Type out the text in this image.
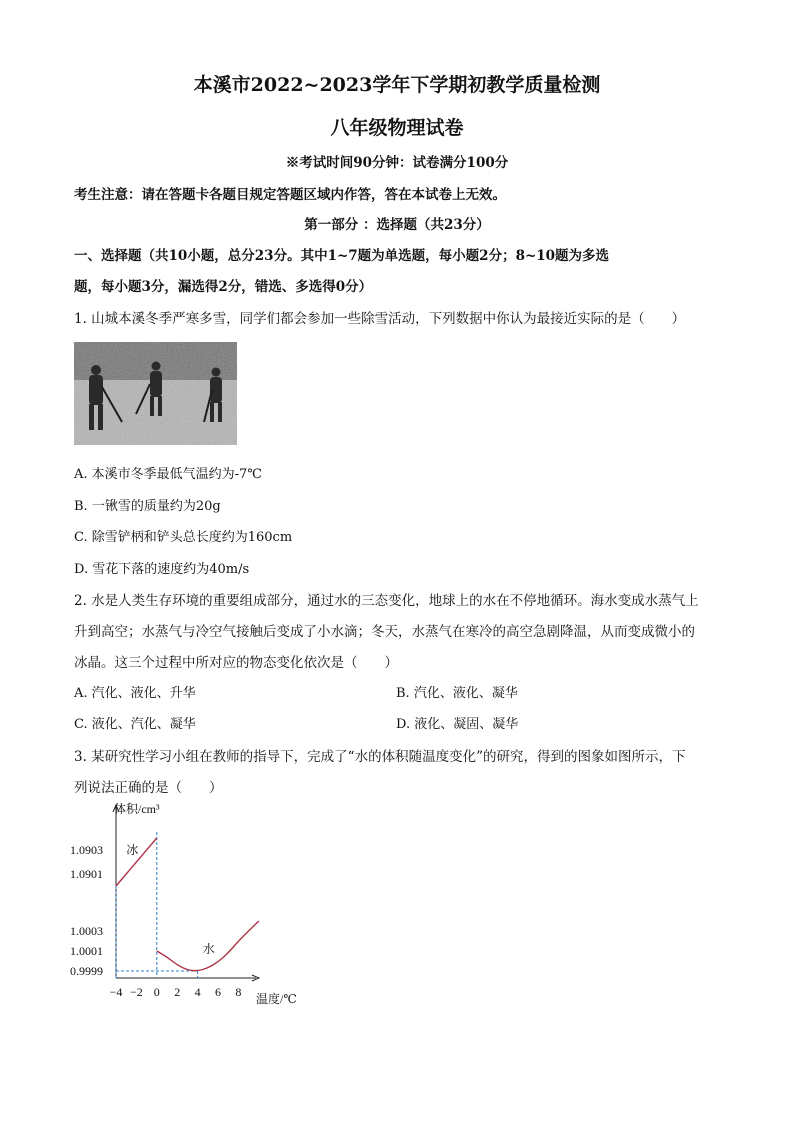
本溪市2022~2023学年下学期初教学质量检测
八年级物理试卷
※考试时间90分钟：试卷满分100分
考生注意：请在答题卡各题目规定答题区域内作答，答在本试卷上无效。
第一部分 ：选择题（共23分）
一、选择题（共10小题，总分23分。其中1~7题为单选题，每小题2分；8~10题为多选
题，每小题3分，漏选得2分，错选、多选得0分）
1. 山城本溪冬季严寒多雪，同学们都会参加一些除雪活动，下列数据中你认为最接近实际的是（　　）
A. 本溪市冬季最低气温约为-7℃
B. 一锹雪的质量约为20g
C. 除雪铲柄和铲头总长度约为160cm
D. 雪花下落的速度约为40m/s
2. 水是人类生存环境的重要组成部分，通过水的三态变化，地球上的水在不停地循环。海水变成水蒸气上
升到高空；水蒸气与冷空气接触后变成了小水滴；冬天，水蒸气在寒冷的高空急剧降温，从而变成微小的
冰晶。这三个过程中所对应的物态变化依次是（　　）
A. 汽化、液化、升华	B. 汽化、液化、凝华
C. 液化、汽化、凝华	D. 液化、凝固、凝华
3. 某研究性学习小组在教师的指导下，完成了“水的体积随温度变化”的研究，得到的图象如图所示，下
列说法正确的是（　　）
体积/cm³
温度/℃
1.0903
1.0901
1.0003
1.0001
0.9999
−4 −2 0 2 4 6 8
冰
水
